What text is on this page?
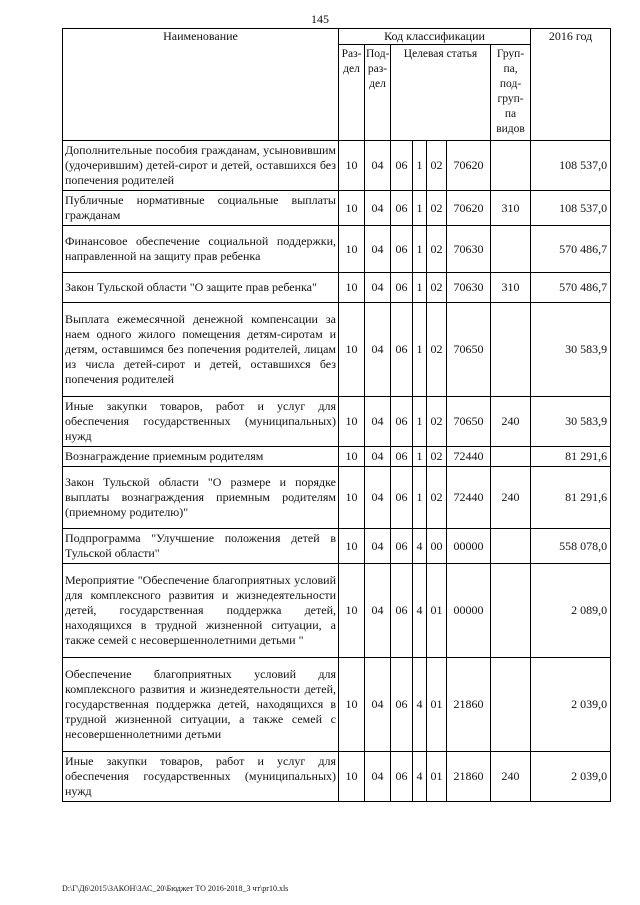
145
Наименование	Код классификации							2016 год
	Раз-дел	Под-раз-дел	Целевая статья				Груп-па, под-груп-па видов	
Дополнительные пособия гражданам, усыновившим (удочерившим) детей-сирот и детей, оставшихся без попечения родителей	10	04	06	1	02	70620		108 537,0
Публичные нормативные социальные выплаты гражданам	10	04	06	1	02	70620	310	108 537,0
Финансовое обеспечение социальной поддержки, направленной на защиту прав ребенка	10	04	06	1	02	70630		570 486,7
Закон Тульской области "О защите прав ребенка"	10	04	06	1	02	70630	310	570 486,7
Выплата ежемесячной денежной компенсации за наем одного жилого помещения детям-сиротам и детям, оставшимся без попечения родителей, лицам из числа детей-сирот и детей, оставшихся без попечения родителей	10	04	06	1	02	70650		30 583,9
Иные закупки товаров, работ и услуг для обеспечения государственных (муниципальных) нужд	10	04	06	1	02	70650	240	30 583,9
Вознаграждение приемным родителям	10	04	06	1	02	72440		81 291,6
Закон Тульской области "О размере и порядке выплаты вознаграждения приемным родителям (приемному родителю)"	10	04	06	1	02	72440	240	81 291,6
Подпрограмма "Улучшение положения детей в Тульской области"	10	04	06	4	00	00000		558 078,0
Мероприятие "Обеспечение благоприятных условий для комплексного развития и жизнедеятельности детей, государственная поддержка детей, находящихся в трудной жизненной ситуации, а также семей с несовершеннолетними детьми "	10	04	06	4	01	00000		2 089,0
Обеспечение благоприятных условий для комплексного развития и жизнедеятельности детей, государственная поддержка детей, находящихся в трудной жизненной ситуации, а также семей с несовершеннолетними детьми	10	04	06	4	01	21860		2 039,0
Иные закупки товаров, работ и услуг для обеспечения государственных (муниципальных) нужд	10	04	06	4	01	21860	240	2 039,0
D:\Г\Д6\2015\ЗАКОН\ЗАС_20\Бюджет ТО 2016-2018_3 чт\pr10.xls
